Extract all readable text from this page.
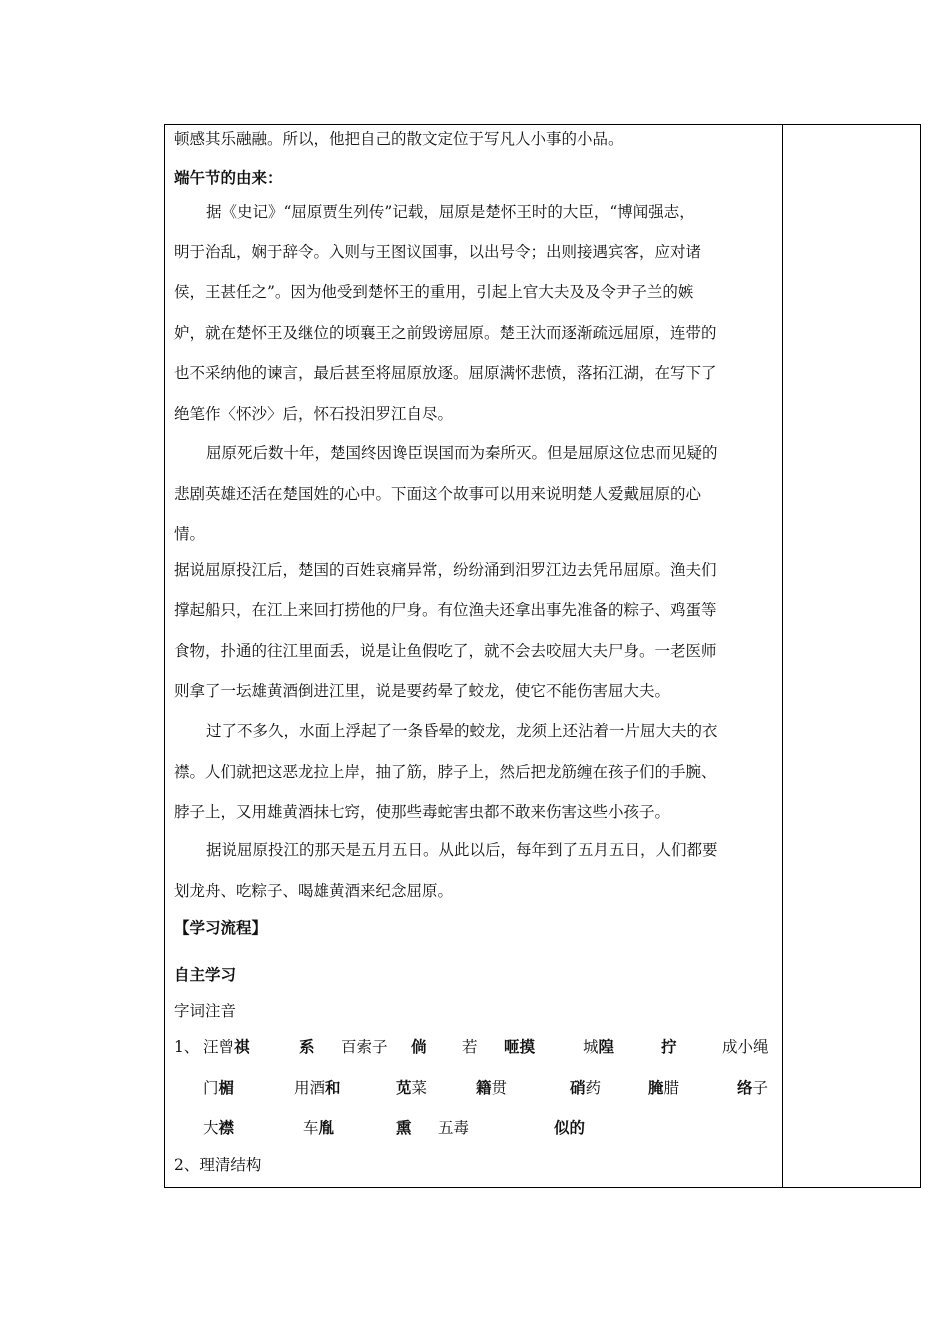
顿感其乐融融。所以，他把自己的散文定位于写凡人小事的小品。
端午节的由来：
据《史记》“屈原贾生列传”记载，屈原是楚怀王时的大臣，“博闻强志，
明于治乱，娴于辞令。入则与王图议国事，以出号令；出则接遇宾客，应对诸
侯，王甚任之”。因为他受到楚怀王的重用，引起上官大夫及及令尹子兰的嫉
妒，就在楚怀王及继位的顷襄王之前毁谤屈原。楚王汏而逐渐疏远屈原，连带的
也不采纳他的谏言，最后甚至将屈原放逐。屈原满怀悲愤，落拓江湖，在写下了
绝笔作〈怀沙〉后，怀石投汨罗江自尽。
屈原死后数十年，楚国终因谗臣误国而为秦所灭。但是屈原这位忠而见疑的
悲剧英雄还活在楚国姓的心中。下面这个故事可以用来说明楚人爱戴屈原的心
情。
据说屈原投江后，楚国的百姓哀痛异常，纷纷涌到汨罗江边去凭吊屈原。渔夫们
撑起船只，在江上来回打捞他的尸身。有位渔夫还拿出事先准备的粽子、鸡蛋等
食物，扑通的往江里面丢，说是让鱼假吃了，就不会去咬屈大夫尸身。一老医师
则拿了一坛雄黄酒倒进江里，说是要药晕了蛟龙，使它不能伤害屈大夫。
过了不多久，水面上浮起了一条昏晕的蛟龙，龙须上还沾着一片屈大夫的衣
襟。人们就把这恶龙拉上岸，抽了筋，脖子上，然后把龙筋缠在孩子们的手腕、
脖子上，又用雄黄酒抹七窍，使那些毒蛇害虫都不敢来伤害这些小孩子。
据说屈原投江的那天是五月五日。从此以后，每年到了五月五日，人们都要
划龙舟、吃粽子、喝雄黄酒来纪念屈原。
【学习流程】
自主学习
字词注音
1、 汪曾祺	系 百索子 倘 若 咂摸	城隍	拧	成小绳
门楣	用酒和	苋菜	籍贯	硝药	腌腊	络子
大襟	车胤	熏 五毒	似的
2、理清结构
